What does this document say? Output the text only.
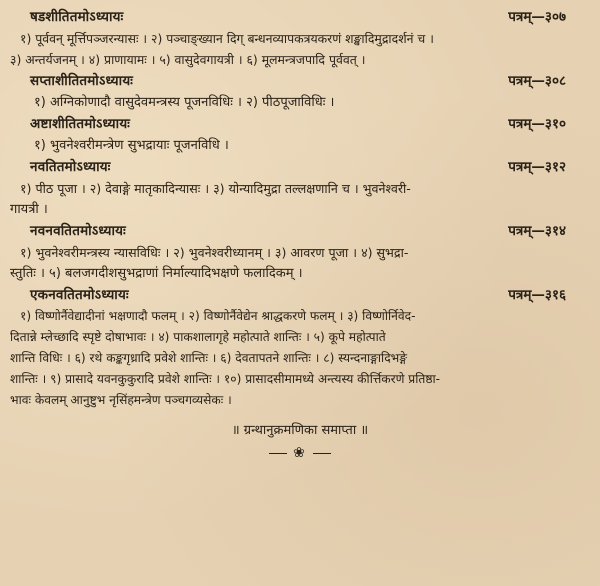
षडशीतितमोऽध्यायः	पत्रम्—३०७

१) पूर्ववन् मूर्त्तिपञ्जरन्यासः । २) पञ्चाङ्ख्यान दिग् बन्धनव्यापकत्रयकरणं शङ्खादिमुद्रादर्शनं च ।

३) अन्तर्यजनम् । ४) प्राणायामः । ५) वासुदेवगायत्री । ६) मूलमन्त्रजपादि पूर्ववत् ।

सप्ताशीतितमोऽध्यायः	पत्रम्—३०८

१) अग्निकोणादौ वासुदेवमन्त्रस्य पूजनविधिः । २) पीठपूजाविधिः ।

अष्टाशीतितमोऽध्यायः	पत्रम्—३१०

१) भुवनेश्वरीमन्त्रेण सुभद्रायाः पूजनविधि ।

नवतितमोऽध्यायः	पत्रम्—३१२

१) पीठ पूजा । २) देवाङ्गे मातृकादिन्यासः । ३) योन्यादिमुद्रा तल्लक्षणानि च । भुवनेश्वरी-

गायत्री ।

नवनवतितमोऽध्यायः	पत्रम्—३१४

१) भुवनेश्वरीमन्त्रस्य न्यासविधिः । २) भुवनेश्वरीध्यानम् । ३) आवरण पूजा । ४) सुभद्रा-

स्तुतिः । ५) बलजगदीशसुभद्राणां निर्माल्यादिभक्षणे फलादिकम् ।

एकनवतितमोऽध्यायः	पत्रम्—३१६

१) विष्णोर्नैवेद्यादीनां भक्षणादौ फलम् । २) विष्णोर्नैवेद्येन श्राद्धकरणे फलम् । ३) विष्णोर्निवेद-

दितान्ने म्लेच्छादि स्पृष्टे दोषाभावः । ४) पाकशालागृहे महोत्पाते शान्तिः । ५) कूपे महोत्पाते

शान्ति विधिः । ६) रथे कङ्कगृध्रादि प्रवेशे शान्तिः । ६) देवतापतने शान्तिः । ८) स्यन्दनाङ्गादिभङ्गे

शान्तिः । ९) प्रासादे यवनकुकुरादि प्रवेशे शान्तिः । १०) प्रासादसीमामध्ये अन्त्यस्य कीर्त्तिकरणे प्रतिष्ठा-

भावः केवलम् आनुष्टुभ नृसिंहमन्त्रेण पञ्चगव्यसेकः ।

॥ ग्रन्थानुक्रमणिका समाप्ता ॥
❀
